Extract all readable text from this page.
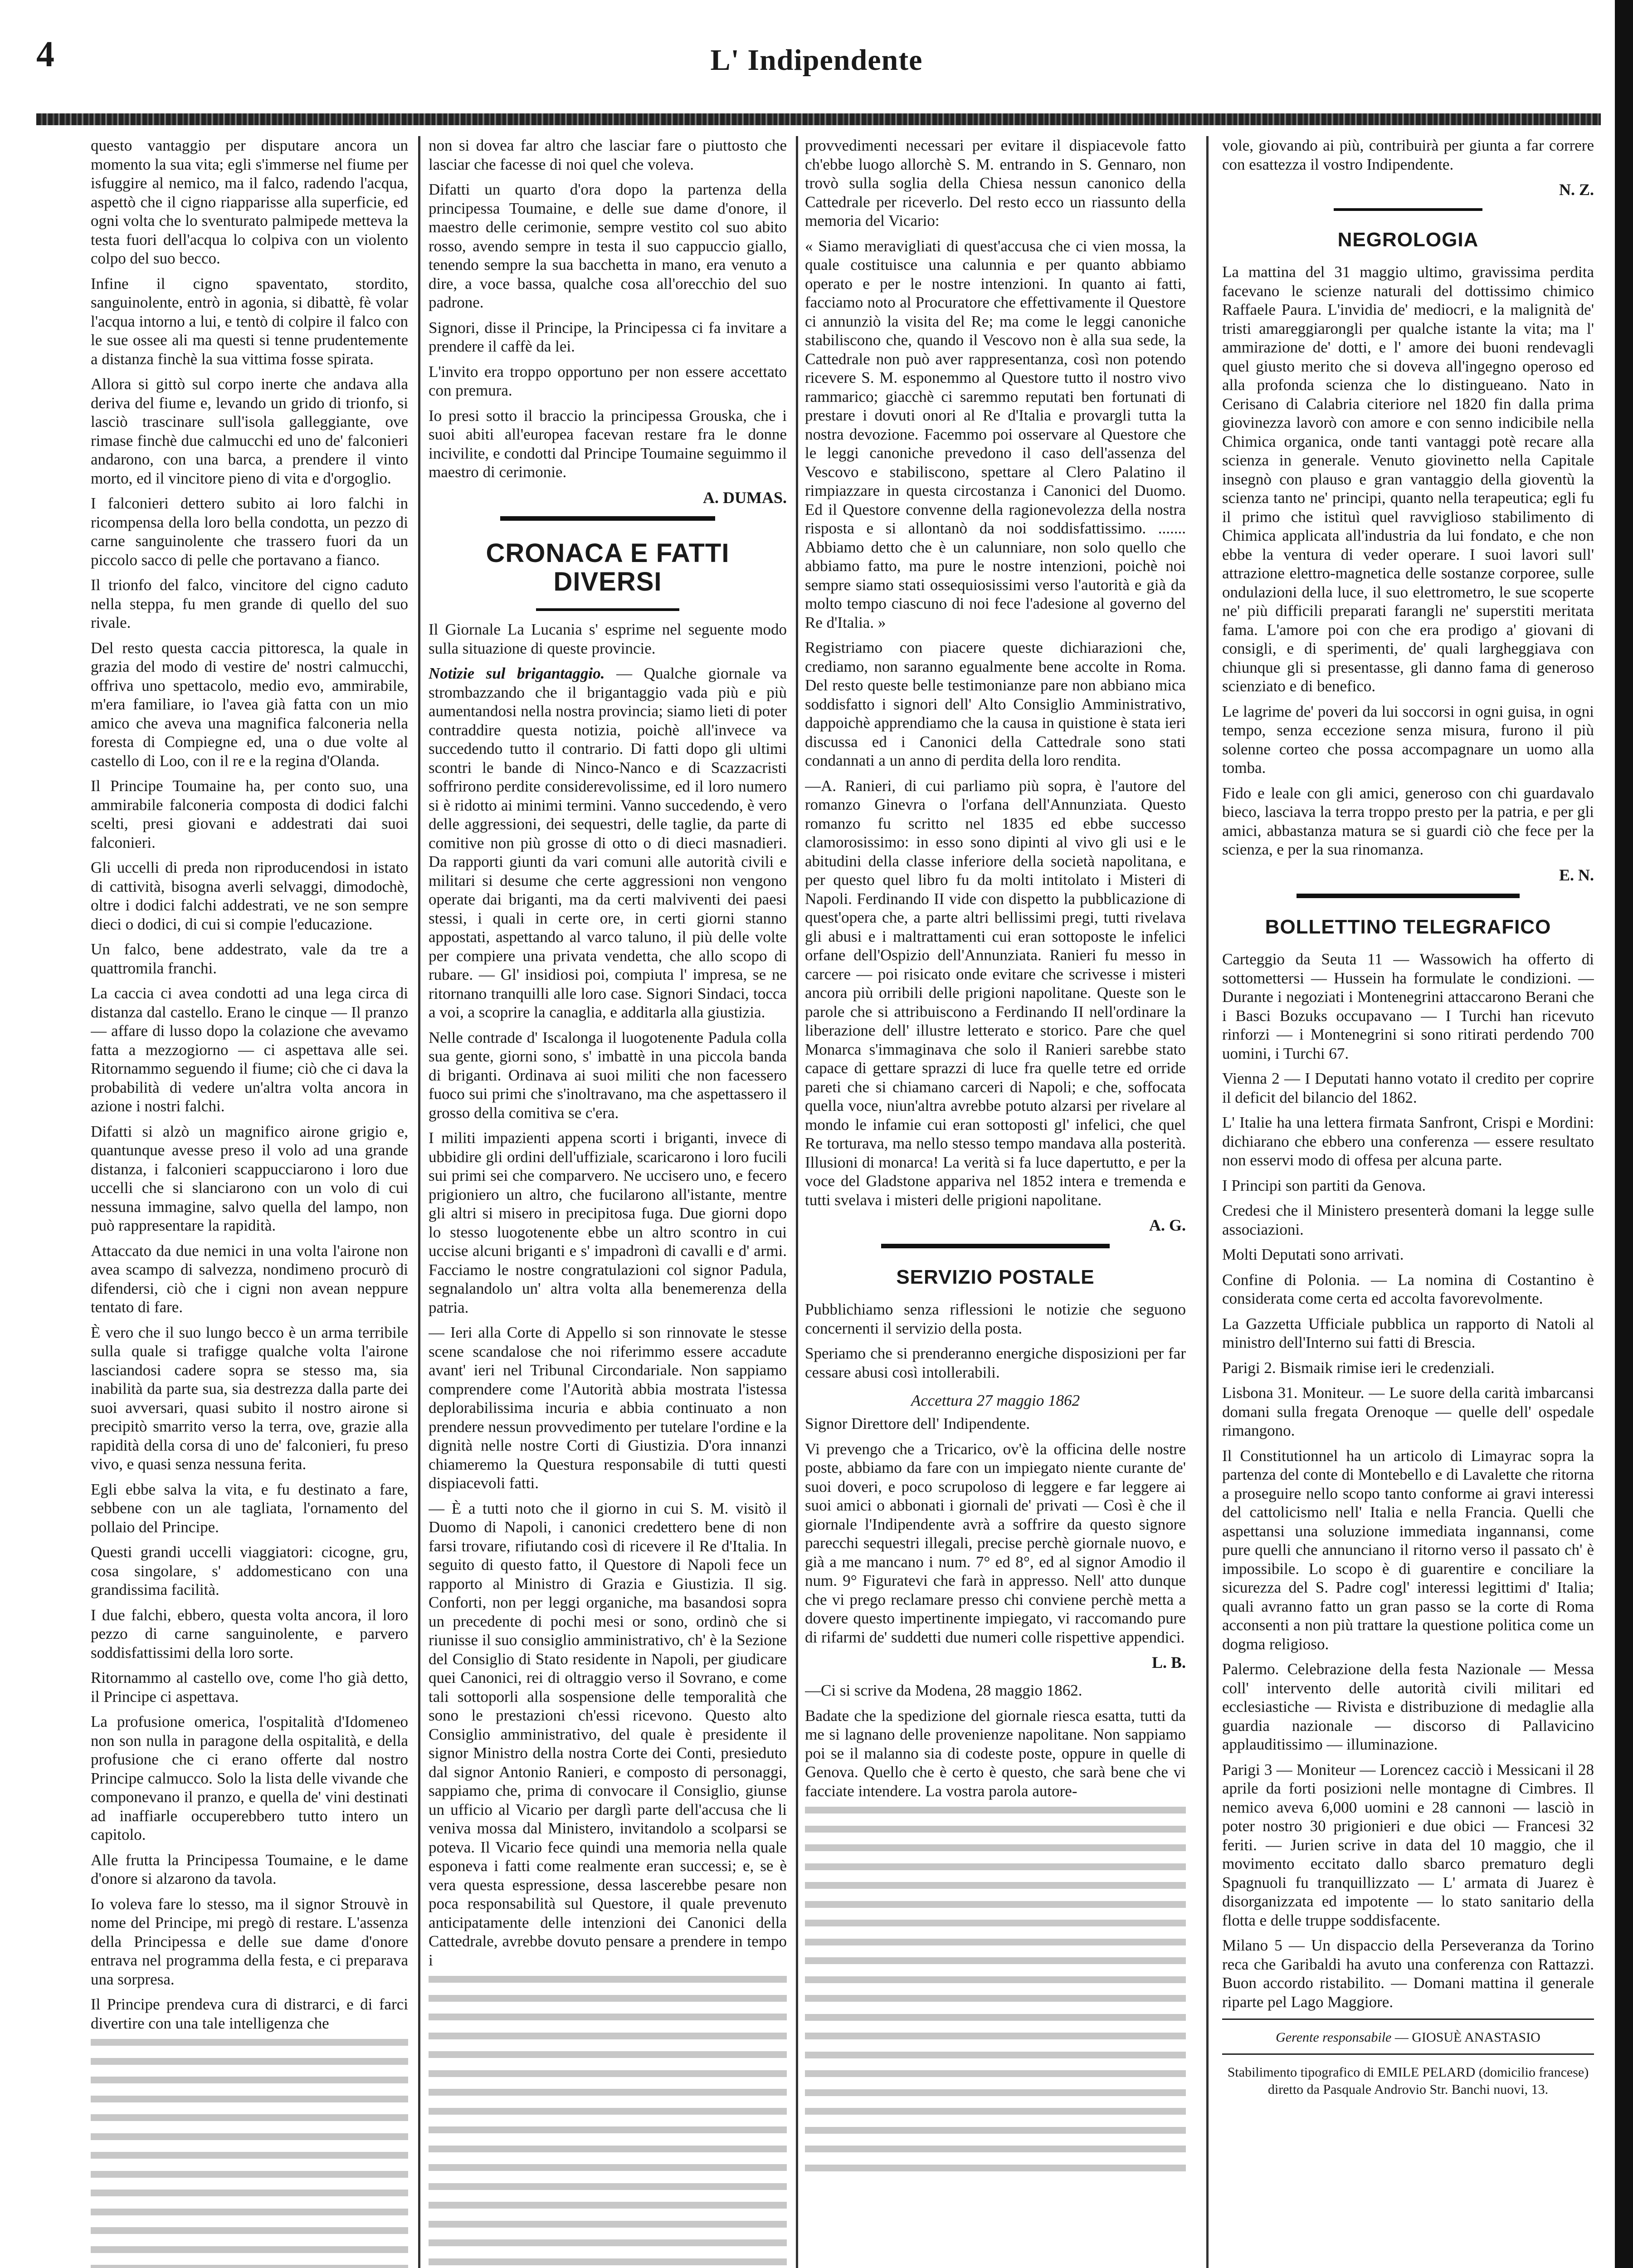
4	L' Indipendente

questo vantaggio per disputare ancora un momento la sua vita; egli s'immerse nel fiume per isfuggire al nemico, ma il falco, radendo l'acqua, aspettò che il cigno riapparisse alla superficie, ed ogni volta che lo sventurato palmipede metteva la testa fuori dell'acqua lo colpiva con un violento colpo del suo becco.

Infine il cigno spaventato, stordito, sanguinolente, entrò in agonia, si dibattè, fè volar l'acqua intorno a lui, e tentò di colpire il falco con le sue ossee ali ma questi si tenne prudentemente a distanza finchè la sua vittima fosse spirata.

Allora si gittò sul corpo inerte che andava alla deriva del fiume e, levando un grido di trionfo, si lasciò trascinare sull'isola galleggiante, ove rimase finchè due calmucchi ed uno de' falconieri andarono, con una barca, a prendere il vinto morto, ed il vincitore pieno di vita e d'orgoglio.

I falconieri dettero subito ai loro falchi in ricompensa della loro bella condotta, un pezzo di carne sanguinolente che trassero fuori da un piccolo sacco di pelle che portavano a fianco.

Il trionfo del falco, vincitore del cigno caduto nella steppa, fu men grande di quello del suo rivale.

Del resto questa caccia pittoresca, la quale in grazia del modo di vestire de' nostri calmucchi, offriva uno spettacolo, medio evo, ammirabile, m'era familiare, io l'avea già fatta con un mio amico che aveva una magnifica falconeria nella foresta di Compiegne ed, una o due volte al castello di Loo, con il re e la regina d'Olanda.

Il Principe Toumaine ha, per conto suo, una ammirabile falconeria composta di dodici falchi scelti, presi giovani e addestrati dai suoi falconieri.

Gli uccelli di preda non riproducendosi in istato di cattività, bisogna averli selvaggi, dimodochè, oltre i dodici falchi addestrati, ve ne son sempre dieci o dodici, di cui si compie l'educazione.

Un falco, bene addestrato, vale da tre a quattromila franchi.

La caccia ci avea condotti ad una lega circa di distanza dal castello. Erano le cinque — Il pranzo — affare di lusso dopo la colazione che avevamo fatta a mezzogiorno — ci aspettava alle sei. Ritornammo seguendo il fiume; ciò che ci dava la probabilità di vedere un'altra volta ancora in azione i nostri falchi.

Difatti si alzò un magnifico airone grigio e, quantunque avesse preso il volo ad una grande distanza, i falconieri scappucciarono i loro due uccelli che si slanciarono con un volo di cui nessuna immagine, salvo quella del lampo, non può rappresentare la rapidità.

Attaccato da due nemici in una volta l'airone non avea scampo di salvezza, nondimeno procurò di difendersi, ciò che i cigni non avean neppure tentato di fare.

È vero che il suo lungo becco è un arma terribile sulla quale si trafigge qualche volta l'airone lasciandosi cadere sopra se stesso ma, sia inabilità da parte sua, sia destrezza dalla parte dei suoi avversari, quasi subito il nostro airone si precipitò smarrito verso la terra, ove, grazie alla rapidità della corsa di uno de' falconieri, fu preso vivo, e quasi senza nessuna ferita.

Egli ebbe salva la vita, e fu destinato a fare, sebbene con un ale tagliata, l'ornamento del pollaio del Principe.

Questi grandi uccelli viaggiatori: cicogne, gru, cosa singolare, s' addomesticano con una grandissima facilità.

I due falchi, ebbero, questa volta ancora, il loro pezzo di carne sanguinolente, e parvero soddisfattissimi della loro sorte.

Ritornammo al castello ove, come l'ho già detto, il Principe ci aspettava.

La profusione omerica, l'ospitalità d'Idomeneo non son nulla in paragone della ospitalità, e della profusione che ci erano offerte dal nostro Principe calmucco. Solo la lista delle vivande che componevano il pranzo, e quella de' vini destinati ad inaffiarle occuperebbero tutto intero un capitolo.

Alle frutta la Principessa Toumaine, e le dame d'onore si alzarono da tavola.

Io voleva fare lo stesso, ma il signor Strouvè in nome del Principe, mi pregò di restare. L'assenza della Principessa e delle sue dame d'onore entrava nel programma della festa, e ci preparava una sorpresa.

Il Principe prendeva cura di distrarci, e di farci divertire con una tale intelligenza che

non si dovea far altro che lasciar fare o piuttosto che lasciar che facesse di noi quel che voleva.

Difatti un quarto d'ora dopo la partenza della principessa Toumaine, e delle sue dame d'onore, il maestro delle cerimonie, sempre vestito col suo abito rosso, avendo sempre in testa il suo cappuccio giallo, tenendo sempre la sua bacchetta in mano, era venuto a dire, a voce bassa, qualche cosa all'orecchio del suo padrone.

Signori, disse il Principe, la Principessa ci fa invitare a prendere il caffè da lei.

L'invito era troppo opportuno per non essere accettato con premura.

Io presi sotto il braccio la principessa Grouska, che i suoi abiti all'europea facevan restare fra le donne incivilite, e condotti dal Principe Toumaine seguimmo il maestro di cerimonie.

A. DUMAS.
CRONACA E FATTI DIVERSI

Il Giornale La Lucania s' esprime nel seguente modo sulla situazione di queste provincie.

Notizie sul brigantaggio. — Qualche giornale va strombazzando che il brigantaggio vada più e più aumentandosi nella nostra provincia; siamo lieti di poter contraddire questa notizia, poichè all'invece va succedendo tutto il contrario. Di fatti dopo gli ultimi scontri le bande di Ninco-Nanco e di Scazzacristi soffrirono perdite considerevolissime, ed il loro numero si è ridotto ai minimi termini. Vanno succedendo, è vero delle aggressioni, dei sequestri, delle taglie, da parte di comitive non più grosse di otto o di dieci masnadieri. Da rapporti giunti da vari comuni alle autorità civili e militari si desume che certe aggressioni non vengono operate dai briganti, ma da certi malviventi dei paesi stessi, i quali in certe ore, in certi giorni stanno appostati, aspettando al varco taluno, il più delle volte per compiere una privata vendetta, che allo scopo di rubare. — Gl' insidiosi poi, compiuta l' impresa, se ne ritornano tranquilli alle loro case. Signori Sindaci, tocca a voi, a scoprire la canaglia, e additarla alla giustizia.

Nelle contrade d' Iscalonga il luogotenente Padula colla sua gente, giorni sono, s' imbattè in una piccola banda di briganti. Ordinava ai suoi militi che non facessero fuoco sui primi che s'inoltravano, ma che aspettassero il grosso della comitiva se c'era.

I militi impazienti appena scorti i briganti, invece di ubbidire gli ordini dell'uffiziale, scaricarono i loro fucili sui primi sei che comparvero. Ne uccisero uno, e fecero prigioniero un altro, che fucilarono all'istante, mentre gli altri si misero in precipitosa fuga. Due giorni dopo lo stesso luogotenente ebbe un altro scontro in cui uccise alcuni briganti e s' impadronì di cavalli e d' armi. Facciamo le nostre congratulazioni col signor Padula, segnalandolo un' altra volta alla benemerenza della patria.

— Ieri alla Corte di Appello si son rinnovate le stesse scene scandalose che noi riferimmo essere accadute avant' ieri nel Tribunal Circondariale. Non sappiamo comprendere come l'Autorità abbia mostrata l'istessa deplorabilissima incuria e abbia continuato a non prendere nessun provvedimento per tutelare l'ordine e la dignità nelle nostre Corti di Giustizia. D'ora innanzi chiameremo la Questura responsabile di tutti questi dispiacevoli fatti.

— È a tutti noto che il giorno in cui S. M. visitò il Duomo di Napoli, i canonici credettero bene di non farsi trovare, rifiutando così di ricevere il Re d'Italia. In seguito di questo fatto, il Questore di Napoli fece un rapporto al Ministro di Grazia e Giustizia. Il sig. Conforti, non per leggi organiche, ma basandosi sopra un precedente di pochi mesi or sono, ordinò che si riunisse il suo consiglio amministrativo, ch' è la Sezione del Consiglio di Stato residente in Napoli, per giudicare quei Canonici, rei di oltraggio verso il Sovrano, e come tali sottoporli alla sospensione delle temporalità che sono le prestazioni ch'essi ricevono. Questo alto Consiglio amministrativo, del quale è presidente il signor Ministro della nostra Corte dei Conti, presieduto dal signor Antonio Ranieri, e composto di personaggi, sappiamo che, prima di convocare il Consiglio, giunse un ufficio al Vicario per darglì parte dell'accusa che li veniva mossa dal Ministero, invitandolo a scolparsi se poteva. Il Vicario fece quindi una memoria nella quale esponeva i fatti come realmente eran successi; e, se è vera questa espressione, dessa lascerebbe pesare non poca responsabilità sul Questore, il quale prevenuto anticipatamente delle intenzioni dei Canonici della Cattedrale, avrebbe dovuto pensare a prendere in tempo i

provvedimenti necessari per evitare il dispiacevole fatto ch'ebbe luogo allorchè S. M. entrando in S. Gennaro, non trovò sulla soglia della Chiesa nessun canonico della Cattedrale per riceverlo. Del resto ecco un riassunto della memoria del Vicario:

« Siamo meravigliati di quest'accusa che ci vien mossa, la quale costituisce una calunnia e per quanto abbiamo operato e per le nostre intenzioni. In quanto ai fatti, facciamo noto al Procuratore che effettivamente il Questore ci annunziò la visita del Re; ma come le leggi canoniche stabiliscono che, quando il Vescovo non è alla sua sede, la Cattedrale non può aver rappresentanza, così non potendo ricevere S. M. esponemmo al Questore tutto il nostro vivo rammarico; giacchè ci saremmo reputati ben fortunati di prestare i dovuti onori al Re d'Italia e provargli tutta la nostra devozione. Facemmo poi osservare al Questore che le leggi canoniche prevedono il caso dell'assenza del Vescovo e stabiliscono, spettare al Clero Palatino il rimpiazzare in questa circostanza i Canonici del Duomo. Ed il Questore convenne della ragionevolezza della nostra risposta e si allontanò da noi soddisfattissimo. ....... Abbiamo detto che è un calunniare, non solo quello che abbiamo fatto, ma pure le nostre intenzioni, poichè noi sempre siamo stati ossequiosissimi verso l'autorità e già da molto tempo ciascuno di noi fece l'adesione al governo del Re d'Italia. »

Registriamo con piacere queste dichiarazioni che, crediamo, non saranno egualmente bene accolte in Roma. Del resto queste belle testimonianze pare non abbiano mica soddisfatto i signori dell' Alto Consiglio Amministrativo, dappoichè apprendiamo che la causa in quistione è stata ieri discussa ed i Canonici della Cattedrale sono stati condannati a un anno di perdita della loro rendita.

—A. Ranieri, di cui parliamo più sopra, è l'autore del romanzo Ginevra o l'orfana dell'Annunziata. Questo romanzo fu scritto nel 1835 ed ebbe successo clamorosissimo: in esso sono dipinti al vivo gli usi e le abitudini della classe inferiore della società napolitana, e per questo quel libro fu da molti intitolato i Misteri di Napoli. Ferdinando II vide con dispetto la pubblicazione di quest'opera che, a parte altri bellissimi pregi, tutti rivelava gli abusi e i maltrattamenti cui eran sottoposte le infelici orfane dell'Ospizio dell'Annunziata. Ranieri fu messo in carcere — poi risicato onde evitare che scrivesse i misteri ancora più orribili delle prigioni napolitane. Queste son le parole che si attribuiscono a Ferdinando II nell'ordinare la liberazione dell' illustre letterato e storico. Pare che quel Monarca s'immaginava che solo il Ranieri sarebbe stato capace di gettare sprazzi di luce fra quelle tetre ed orride pareti che si chiamano carceri di Napoli; e che, soffocata quella voce, niun'altra avrebbe potuto alzarsi per rivelare al mondo le infamie cui eran sottoposti gl' infelici, che quel Re torturava, ma nello stesso tempo mandava alla posterità. Illusioni di monarca! La verità si fa luce dapertutto, e per la voce del Gladstone appariva nel 1852 intera e tremenda e tutti svelava i misteri delle prigioni napolitane.

A. G.
SERVIZIO POSTALE

Pubblichiamo senza riflessioni le notizie che seguono concernenti il servizio della posta.

Speriamo che si prenderanno energiche disposizioni per far cessare abusi così intollerabili.

Accettura 27 maggio 1862

Signor Direttore dell' Indipendente.

Vi prevengo che a Tricarico, ov'è la officina delle nostre poste, abbiamo da fare con un impiegato niente curante de' suoi doveri, e poco scrupoloso di leggere e far leggere ai suoi amici o abbonati i giornali de' privati — Così è che il giornale l'Indipendente avrà a soffrire da questo signore parecchi sequestri illegali, precise perchè giornale nuovo, e già a me mancano i num. 7° ed 8°, ed al signor Amodio il num. 9° Figuratevi che farà in appresso. Nell' atto dunque che vi prego reclamare presso chi conviene perchè metta a dovere questo impertinente impiegato, vi raccomando pure di rifarmi de' suddetti due numeri colle rispettive appendici.

L. B.

—Ci si scrive da Modena, 28 maggio 1862.

Badate che la spedizione del giornale riesca esatta, tutti da me si lagnano delle provenienze napolitane. Non sappiamo poi se il malanno sia di codeste poste, oppure in quelle di Genova. Quello che è certo è questo, che sarà bene che vi facciate intendere. La vostra parola autore-

vole, giovando ai più, contribuirà per giunta a far correre con esattezza il vostro Indipendente.

N. Z.
NEGROLOGIA

La mattina del 31 maggio ultimo, gravissima perdita facevano le scienze naturali del dottissimo chimico Raffaele Paura. L'invidia de' mediocri, e la malignità de' tristi amareggiarongli per qualche istante la vita; ma l' ammirazione de' dotti, e l' amore dei buoni rendevagli quel giusto merito che si doveva all'ingegno operoso ed alla profonda scienza che lo distingueano. Nato in Cerisano di Calabria citeriore nel 1820 fin dalla prima giovinezza lavorò con amore e con senno indicibile nella Chimica organica, onde tanti vantaggi potè recare alla scienza in generale. Venuto giovinetto nella Capitale insegnò con plauso e gran vantaggio della gioventù la scienza tanto ne' principi, quanto nella terapeutica; egli fu il primo che istituì quel ravviglioso stabilimento di Chimica applicata all'industria da lui fondato, e che non ebbe la ventura di veder operare. I suoi lavori sull' attrazione elettro-magnetica delle sostanze corporee, sulle ondulazioni della luce, il suo elettrometro, le sue scoperte ne' più difficili preparati farangli ne' superstiti meritata fama. L'amore poi con che era prodigo a' giovani di consigli, e di sperimenti, de' quali largheggiava con chiunque gli si presentasse, gli danno fama di generoso scienziato e di benefico.

Le lagrime de' poveri da lui soccorsi in ogni guisa, in ogni tempo, senza eccezione senza misura, furono il più solenne corteo che possa accompagnare un uomo alla tomba.

Fido e leale con gli amici, generoso con chi guardavalo bieco, lasciava la terra troppo presto per la patria, e per gli amici, abbastanza matura se si guardi ciò che fece per la scienza, e per la sua rinomanza.

E. N.
BOLLETTINO TELEGRAFICO

Carteggio da Seuta 11 — Wassowich ha offerto di sottomettersi — Hussein ha formulate le condizioni. — Durante i negoziati i Montenegrini attaccarono Berani che i Basci Bozuks occupavano — I Turchi han ricevuto rinforzi — i Montenegrini si sono ritirati perdendo 700 uomini, i Turchi 67.

Vienna 2 — I Deputati hanno votato il credito per coprire il deficit del bilancio del 1862.

L' Italie ha una lettera firmata Sanfront, Crispi e Mordini: dichiarano che ebbero una conferenza — essere resultato non esservi modo di offesa per alcuna parte.

I Principi son partiti da Genova.

Credesi che il Ministero presenterà domani la legge sulle associazioni.

Molti Deputati sono arrivati.

Confine di Polonia. — La nomina di Costantino è considerata come certa ed accolta favorevolmente.

La Gazzetta Ufficiale pubblica un rapporto di Natoli al ministro dell'Interno sui fatti di Brescia.

Parigi 2. Bismaik rimise ieri le credenziali.

Lisbona 31. Moniteur. — Le suore della carità imbarcansi domani sulla fregata Orenoque — quelle dell' ospedale rimangono.

Il Constitutionnel ha un articolo di Limayrac sopra la partenza del conte di Montebello e di Lavalette che ritorna a proseguire nello scopo tanto conforme ai gravi interessi del cattolicismo nell' Italia e nella Francia. Quelli che aspettansi una soluzione immediata ingannansi, come pure quelli che annunciano il ritorno verso il passato ch' è impossibile. Lo scopo è di guarentire e conciliare la sicurezza del S. Padre cogl' interessi legittimi d' Italia; quali avranno fatto un gran passo se la corte di Roma acconsenti a non più trattare la questione politica come un dogma religioso.

Palermo. Celebrazione della festa Nazionale — Messa coll' intervento delle autorità civili militari ed ecclesiastiche — Rivista e distribuzione di medaglie alla guardia nazionale — discorso di Pallavicino applauditissimo — illuminazione.

Parigi 3 — Moniteur — Lorencez cacciò i Messicani il 28 aprile da forti posizioni nelle montagne di Cimbres. Il nemico aveva 6,000 uomini e 28 cannoni — lasciò in poter nostro 30 prigionieri e due obici — Francesi 32 feriti. — Jurien scrive in data del 10 maggio, che il movimento eccitato dallo sbarco prematuro degli Spagnuoli fu tranquillizzato — L' armata di Juarez è disorganizzata ed impotente — lo stato sanitario della flotta e delle truppe soddisfacente.

Milano 5 — Un dispaccio della Perseveranza da Torino reca che Garibaldi ha avuto una conferenza con Rattazzi. Buon accordo ristabilito. — Domani mattina il generale riparte pel Lago Maggiore.

Gerente responsabile — GIOSUÈ ANASTASIO
Stabilimento tipografico di EMILE PELARD (domicilio francese) diretto da Pasquale Androvio Str. Banchi nuovi, 13.
